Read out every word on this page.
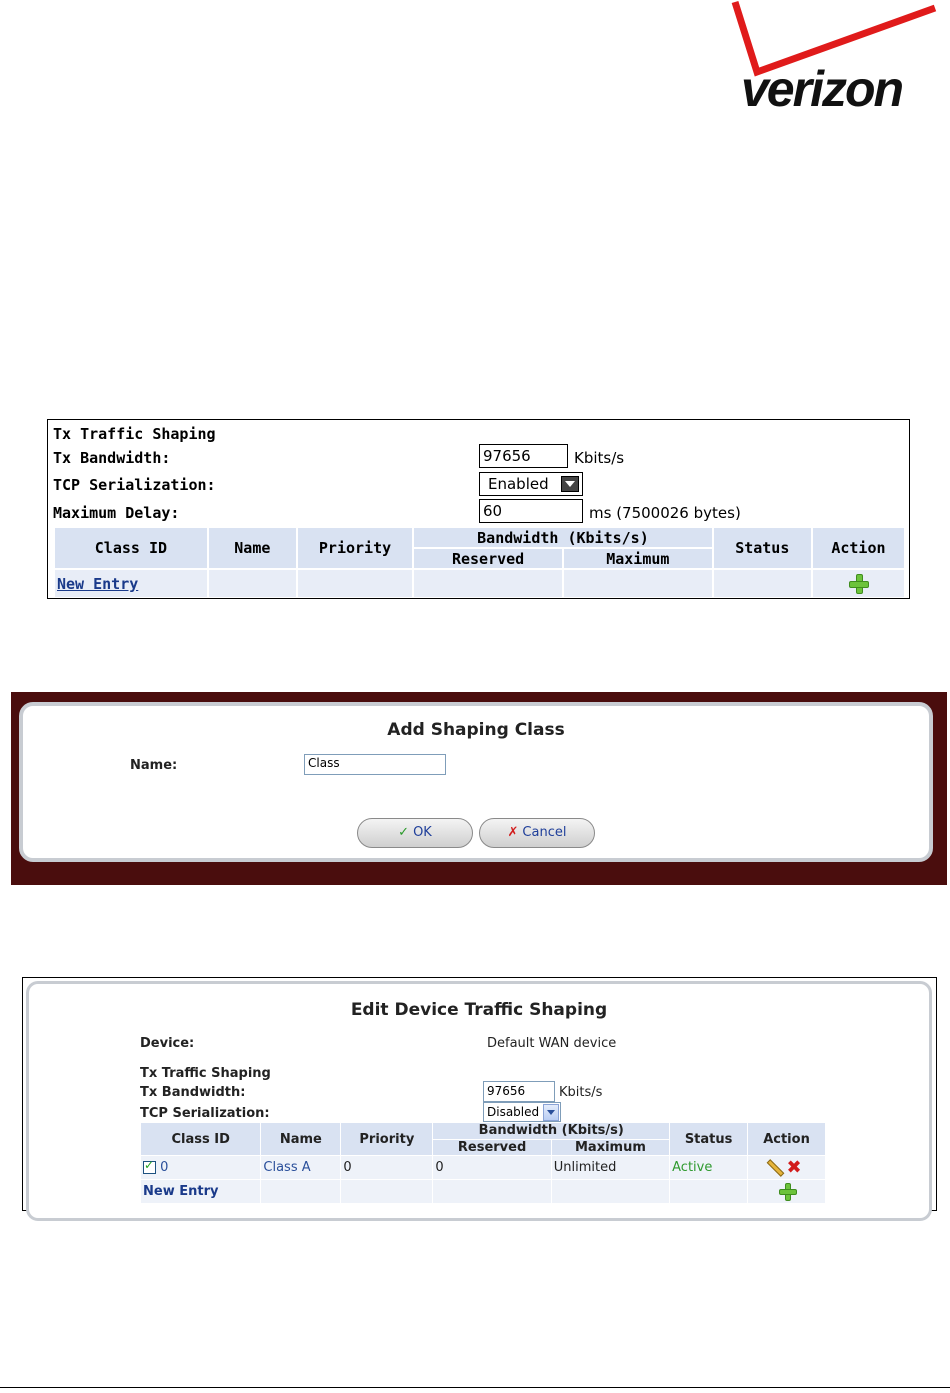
verizon
Tx Traffic Shaping
Tx Bandwidth:	97656	Kbits/s
TCP Serialization:	Enabled
Maximum Delay:	60	ms (7500026 bytes)
Class ID	Name	Priority	Bandwidth (Kbits/s)		Status	Action
			Reserved	Maximum		
New Entry						
Add Shaping Class
Name:	Class
✓ OK	✗ Cancel
Edit Device Traffic Shaping
Device:	Default WAN device
Tx Traffic Shaping
Tx Bandwidth:	97656	Kbits/s
TCP Serialization:	Disabled
Class ID	Name	Priority	Bandwidth (Kbits/s)		Status	Action
			Reserved	Maximum		
✓ 0	Class A	0	0	Unlimited	Active	✖
New Entry						
